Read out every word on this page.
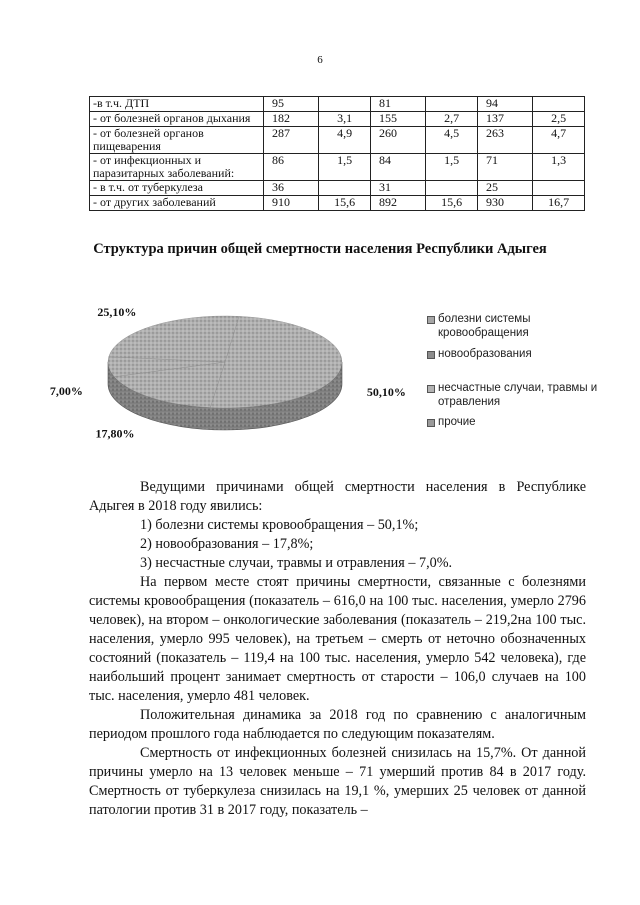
6
-в т.ч. ДТП	95		81		94	
- от болезней органов дыхания	182	3,1	155	2,7	137	2,5
- от болезней органов пищеварения	287	4,9	260	4,5	263	4,7
- от инфекционных и паразитарных заболеваний:	86	1,5	84	1,5	71	1,3
- в т.ч. от туберкулеза	36		31		25	
- от других заболеваний	910	15,6	892	15,6	930	16,7
Структура причин общей смертности населения Республики Адыгея
50,10%
17,80%
7,00%
25,10%
болезни системы кровообращения
новообразования
несчастные случаи, травмы и отравления
прочие

Ведущими причинами общей смертности населения в Республике Адыгея в 2018 году явились:

1) болезни системы кровообращения – 50,1%;

2) новообразования – 17,8%;

3) несчастные случаи, травмы и отравления – 7,0%.

На первом месте стоят причины смертности, связанные с болезнями системы кровообращения (показатель – 616,0 на 100 тыс. населения, умерло 2796 человек), на втором – онкологические заболевания (показатель – 219,2на 100 тыс. населения, умерло 995 человек), на третьем – смерть от неточно обозначенных состояний (показатель – 119,4 на 100 тыс. населения, умерло 542 человека), где наибольший процент занимает смертность от старости – 106,0 случаев на 100 тыс. населения, умерло 481 человек.

Положительная динамика за 2018 год по сравнению с аналогичным периодом прошлого года наблюдается по следующим показателям.

Смертность от инфекционных болезней снизилась на 15,7%. От данной причины умерло на 13 человек меньше – 71 умерший против 84 в 2017 году. Смертность от туберкулеза снизилась на 19,1 %, умерших 25 человек от данной патологии против 31 в 2017 году, показатель –
